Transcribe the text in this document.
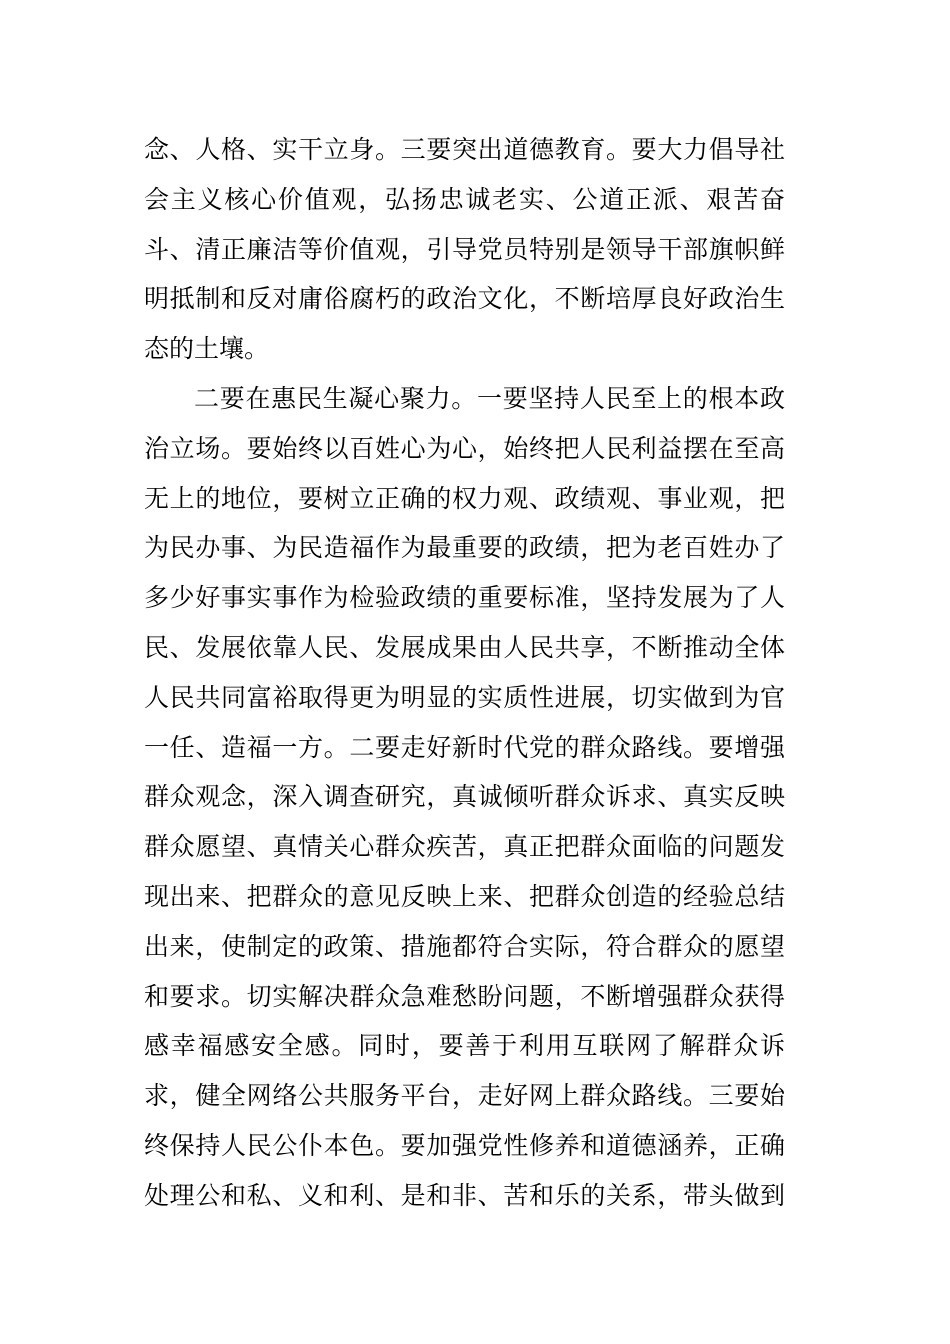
念、人格、实干立身。三要突出道德教育。要大力倡导社
会主义核心价值观，弘扬忠诚老实、公道正派、艰苦奋
斗、清正廉洁等价值观，引导党员特别是领导干部旗帜鲜
明抵制和反对庸俗腐朽的政治文化，不断培厚良好政治生
态的土壤。
二要在惠民生凝心聚力。一要坚持人民至上的根本政
治立场。要始终以百姓心为心，始终把人民利益摆在至高
无上的地位，要树立正确的权力观、政绩观、事业观，把
为民办事、为民造福作为最重要的政绩，把为老百姓办了
多少好事实事作为检验政绩的重要标准，坚持发展为了人
民、发展依靠人民、发展成果由人民共享，不断推动全体
人民共同富裕取得更为明显的实质性进展，切实做到为官
一任、造福一方。二要走好新时代党的群众路线。要增强
群众观念，深入调查研究，真诚倾听群众诉求、真实反映
群众愿望、真情关心群众疾苦，真正把群众面临的问题发
现出来、把群众的意见反映上来、把群众创造的经验总结
出来，使制定的政策、措施都符合实际，符合群众的愿望
和要求。切实解决群众急难愁盼问题，不断增强群众获得
感幸福感安全感。同时，要善于利用互联网了解群众诉
求，健全网络公共服务平台，走好网上群众路线。三要始
终保持人民公仆本色。要加强党性修养和道德涵养，正确
处理公和私、义和利、是和非、苦和乐的关系，带头做到
